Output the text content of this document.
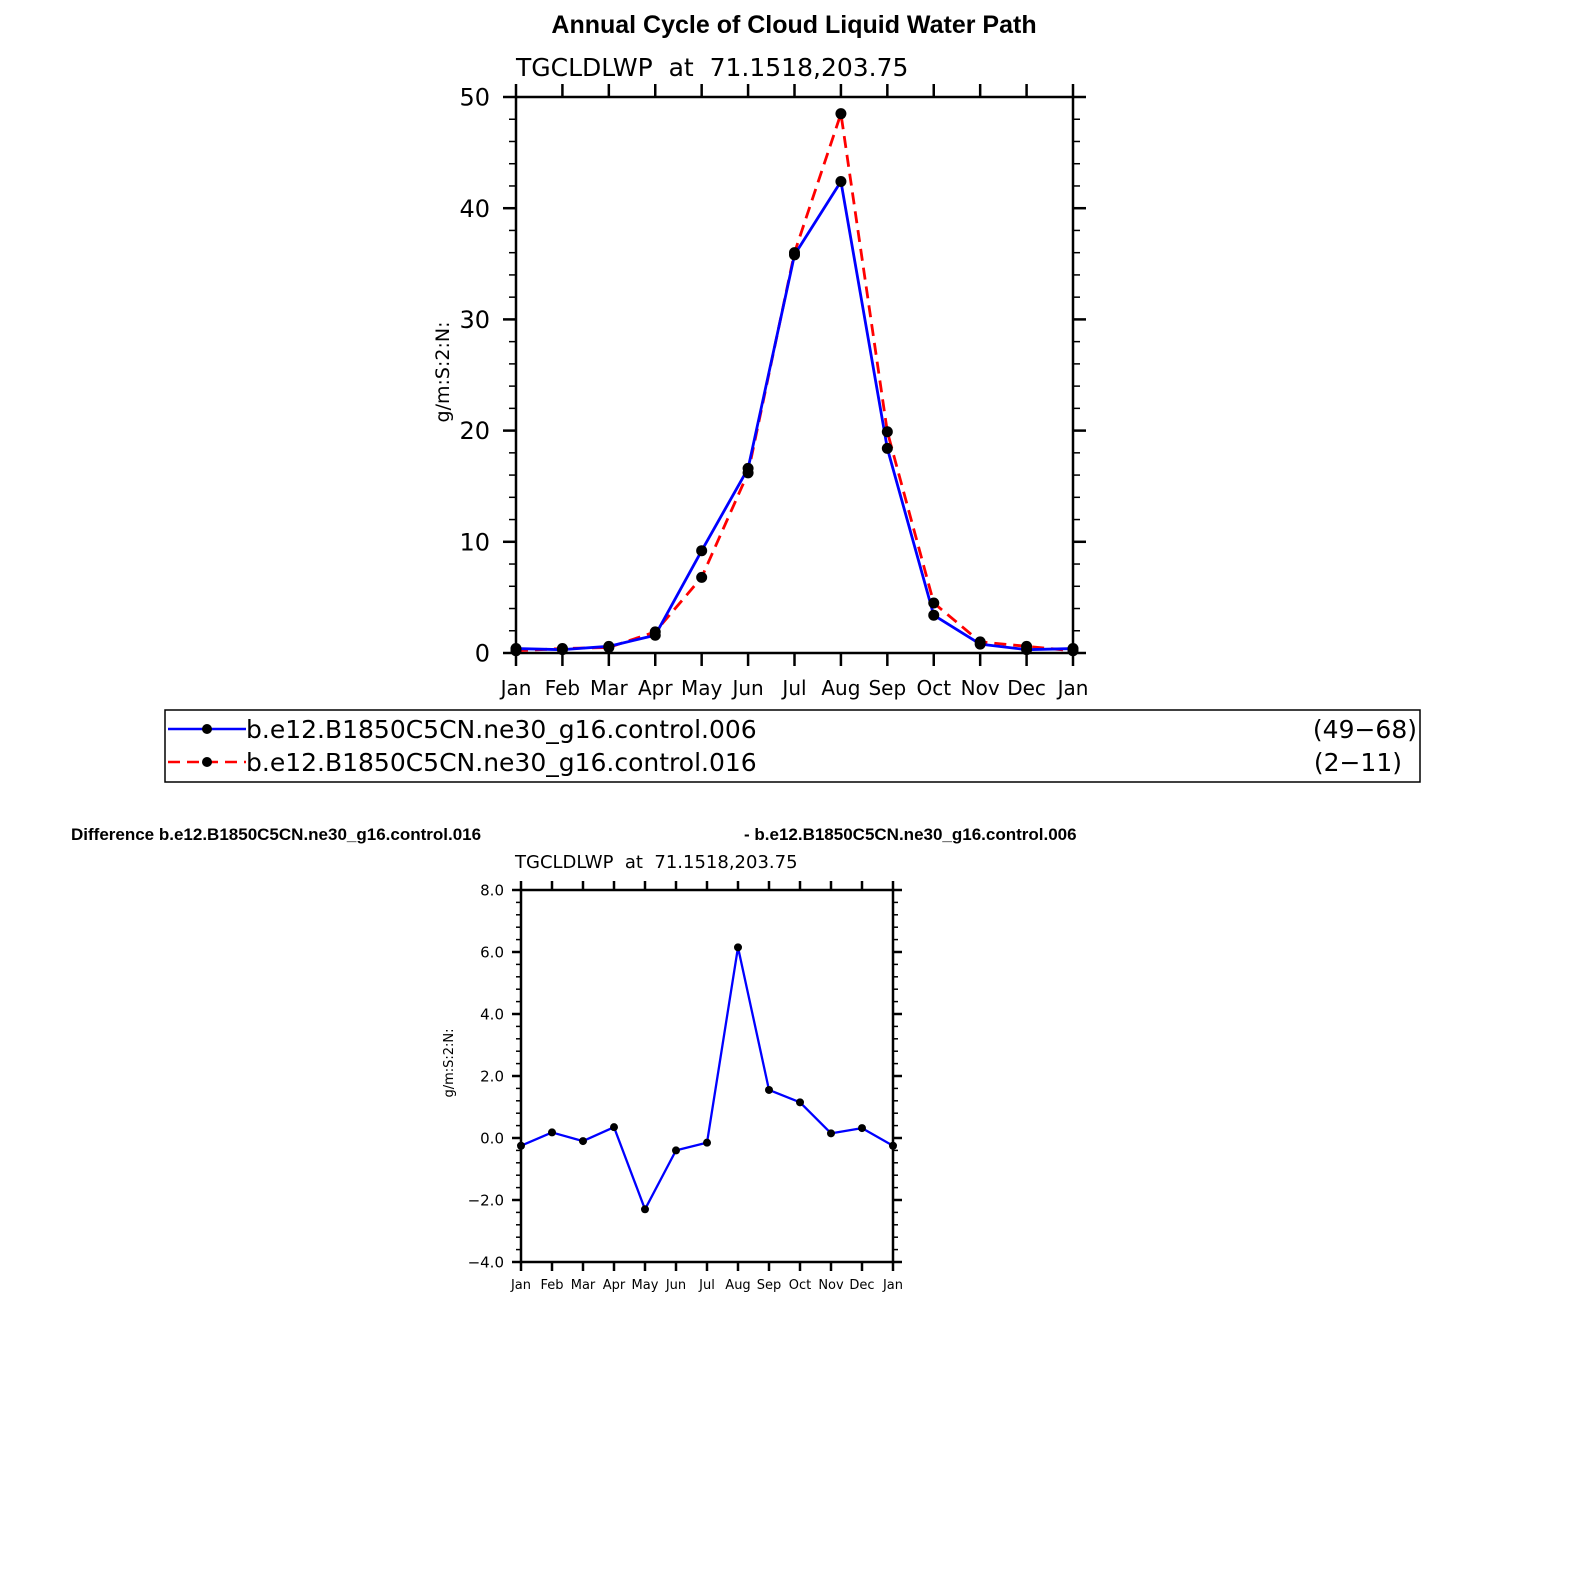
Annual Cycle of Cloud Liquid Water Path
TGCLDLWP  at  71.1518,203.75
g/m:S:2:N:
0
10
20
30
40
50
Jan Feb Mar Apr May Jun Jul Aug Sep Oct Nov Dec Jan
b.e12.B1850C5CN.ne30_g16.control.006	(49−68)
b.e12.B1850C5CN.ne30_g16.control.016	(2−11)
Difference b.e12.B1850C5CN.ne30_g16.control.016	- b.e12.B1850C5CN.ne30_g16.control.006
TGCLDLWP  at  71.1518,203.75
g/m:S:2:N:
−4.0
−2.0
0.0
2.0
4.0
6.0
8.0
Jan Feb Mar Apr May Jun Jul Aug Sep Oct Nov Dec Jan
